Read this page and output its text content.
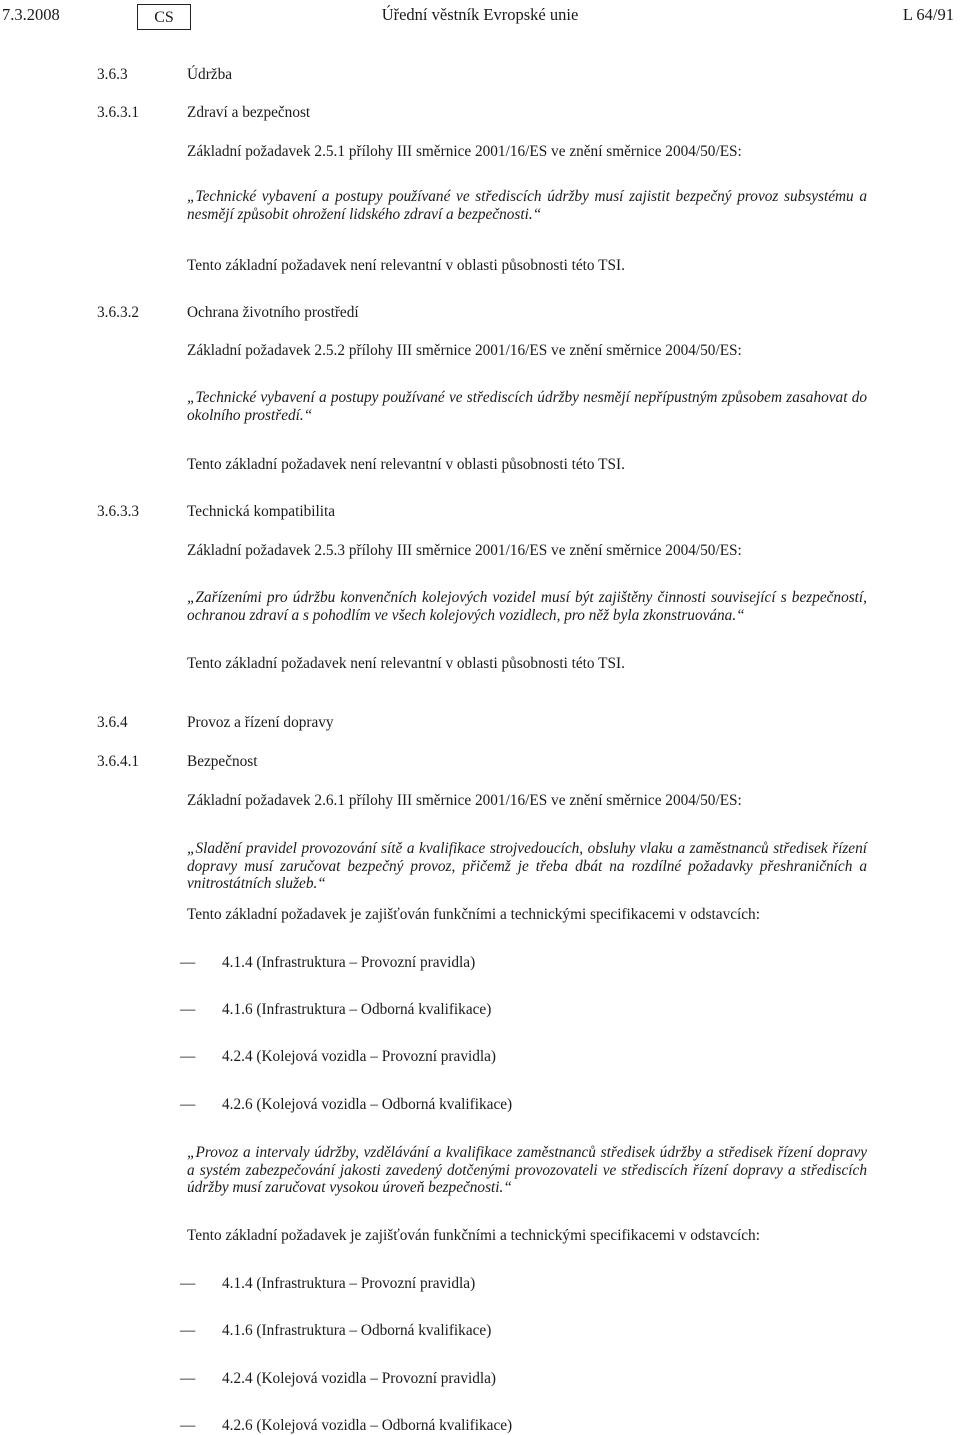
7.3.2008	CS	Úřední věstník Evropské unie	L 64/91
3.6.3	Údržba
3.6.3.1	Zdraví a bezpečnost
Základní požadavek 2.5.1 přílohy III směrnice 2001/16/ES ve znění směrnice 2004/50/ES:
„Technické vybavení a postupy používané ve střediscích údržby musí zajistit bezpečný provoz subsystému a nesmějí způsobit ohrožení lidského zdraví a bezpečnosti.“
Tento základní požadavek není relevantní v oblasti působnosti této TSI.
3.6.3.2	Ochrana životního prostředí
Základní požadavek 2.5.2 přílohy III směrnice 2001/16/ES ve znění směrnice 2004/50/ES:
„Technické vybavení a postupy používané ve střediscích údržby nesmějí nepřípustným způsobem zasahovat do okolního prostředí.“
Tento základní požadavek není relevantní v oblasti působnosti této TSI.
3.6.3.3	Technická kompatibilita
Základní požadavek 2.5.3 přílohy III směrnice 2001/16/ES ve znění směrnice 2004/50/ES:
„Zařízeními pro údržbu konvenčních kolejových vozidel musí být zajištěny činnosti související s bezpečností, ochranou zdraví a s pohodlím ve všech kolejových vozidlech, pro něž byla zkonstruována.“
Tento základní požadavek není relevantní v oblasti působnosti této TSI.
3.6.4	Provoz a řízení dopravy
3.6.4.1	Bezpečnost
Základní požadavek 2.6.1 přílohy III směrnice 2001/16/ES ve znění směrnice 2004/50/ES:
„Sladění pravidel provozování sítě a kvalifikace strojvedoucích, obsluhy vlaku a zaměstnanců středisek řízení dopravy musí zaručovat bezpečný provoz, přičemž je třeba dbát na rozdílné požadavky přeshraničních a vnitrostátních služeb.“
Tento základní požadavek je zajišťován funkčními a technickými specifikacemi v odstavcích:
— 4.1.4 (Infrastruktura – Provozní pravidla)
— 4.1.6 (Infrastruktura – Odborná kvalifikace)
— 4.2.4 (Kolejová vozidla – Provozní pravidla)
— 4.2.6 (Kolejová vozidla – Odborná kvalifikace)
„Provoz a intervaly údržby, vzdělávání a kvalifikace zaměstnanců středisek údržby a středisek řízení dopravy a systém zabezpečování jakosti zavedený dotčenými provozovateli ve střediscích řízení dopravy a střediscích údržby musí zaručovat vysokou úroveň bezpečnosti.“
Tento základní požadavek je zajišťován funkčními a technickými specifikacemi v odstavcích:
— 4.1.4 (Infrastruktura – Provozní pravidla)
— 4.1.6 (Infrastruktura – Odborná kvalifikace)
— 4.2.4 (Kolejová vozidla – Provozní pravidla)
— 4.2.6 (Kolejová vozidla – Odborná kvalifikace)
